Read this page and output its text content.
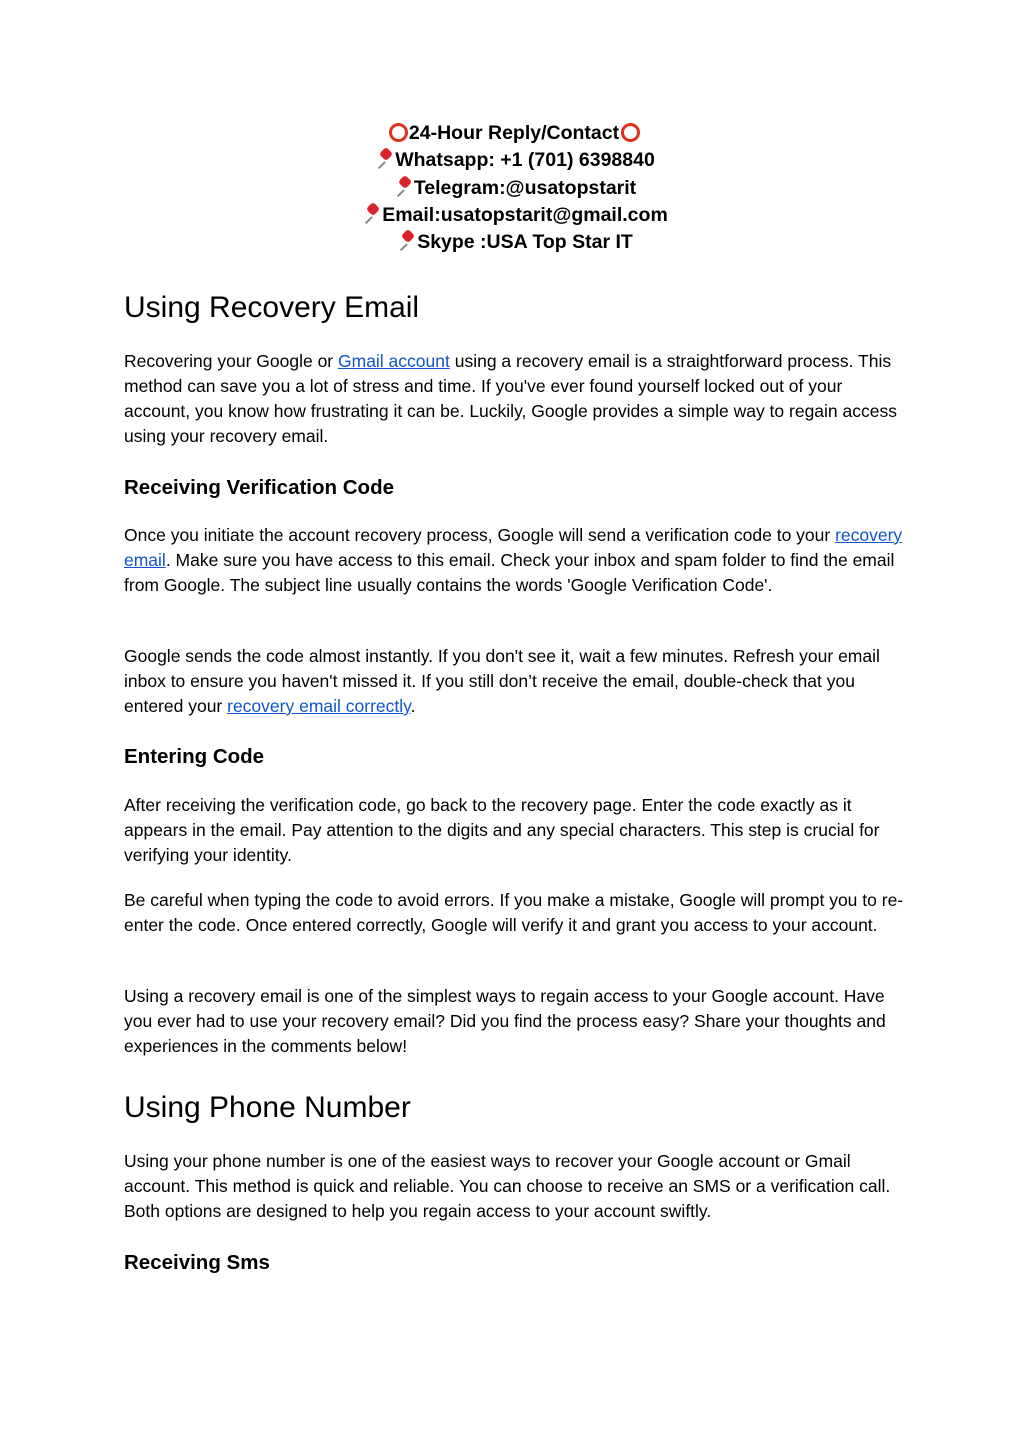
24-Hour Reply/Contact
Whatsapp: +1 (701) 6398840
Telegram:@usatopstarit
Email:usatopstarit@gmail.com
Skype :USA Top Star IT
Using Recovery Email

Recovering your Google or Gmail account using a recovery email is a straightforward process. This method can save you a lot of stress and time. If you've ever found yourself locked out of your account, you know how frustrating it can be. Luckily, Google provides a simple way to regain access using your recovery email.

Receiving Verification Code

Once you initiate the account recovery process, Google will send a verification code to your recovery email. Make sure you have access to this email. Check your inbox and spam folder to find the email from Google. The subject line usually contains the words 'Google Verification Code'.

Google sends the code almost instantly. If you don't see it, wait a few minutes. Refresh your email inbox to ensure you haven't missed it. If you still don’t receive the email, double-check that you entered your recovery email correctly.

Entering Code

After receiving the verification code, go back to the recovery page. Enter the code exactly as it appears in the email. Pay attention to the digits and any special characters. This step is crucial for verifying your identity.

Be careful when typing the code to avoid errors. If you make a mistake, Google will prompt you to re-enter the code. Once entered correctly, Google will verify it and grant you access to your account.

Using a recovery email is one of the simplest ways to regain access to your Google account. Have you ever had to use your recovery email? Did you find the process easy? Share your thoughts and experiences in the comments below!

Using Phone Number

Using your phone number is one of the easiest ways to recover your Google account or Gmail account. This method is quick and reliable. You can choose to receive an SMS or a verification call. Both options are designed to help you regain access to your account swiftly.

Receiving Sms
